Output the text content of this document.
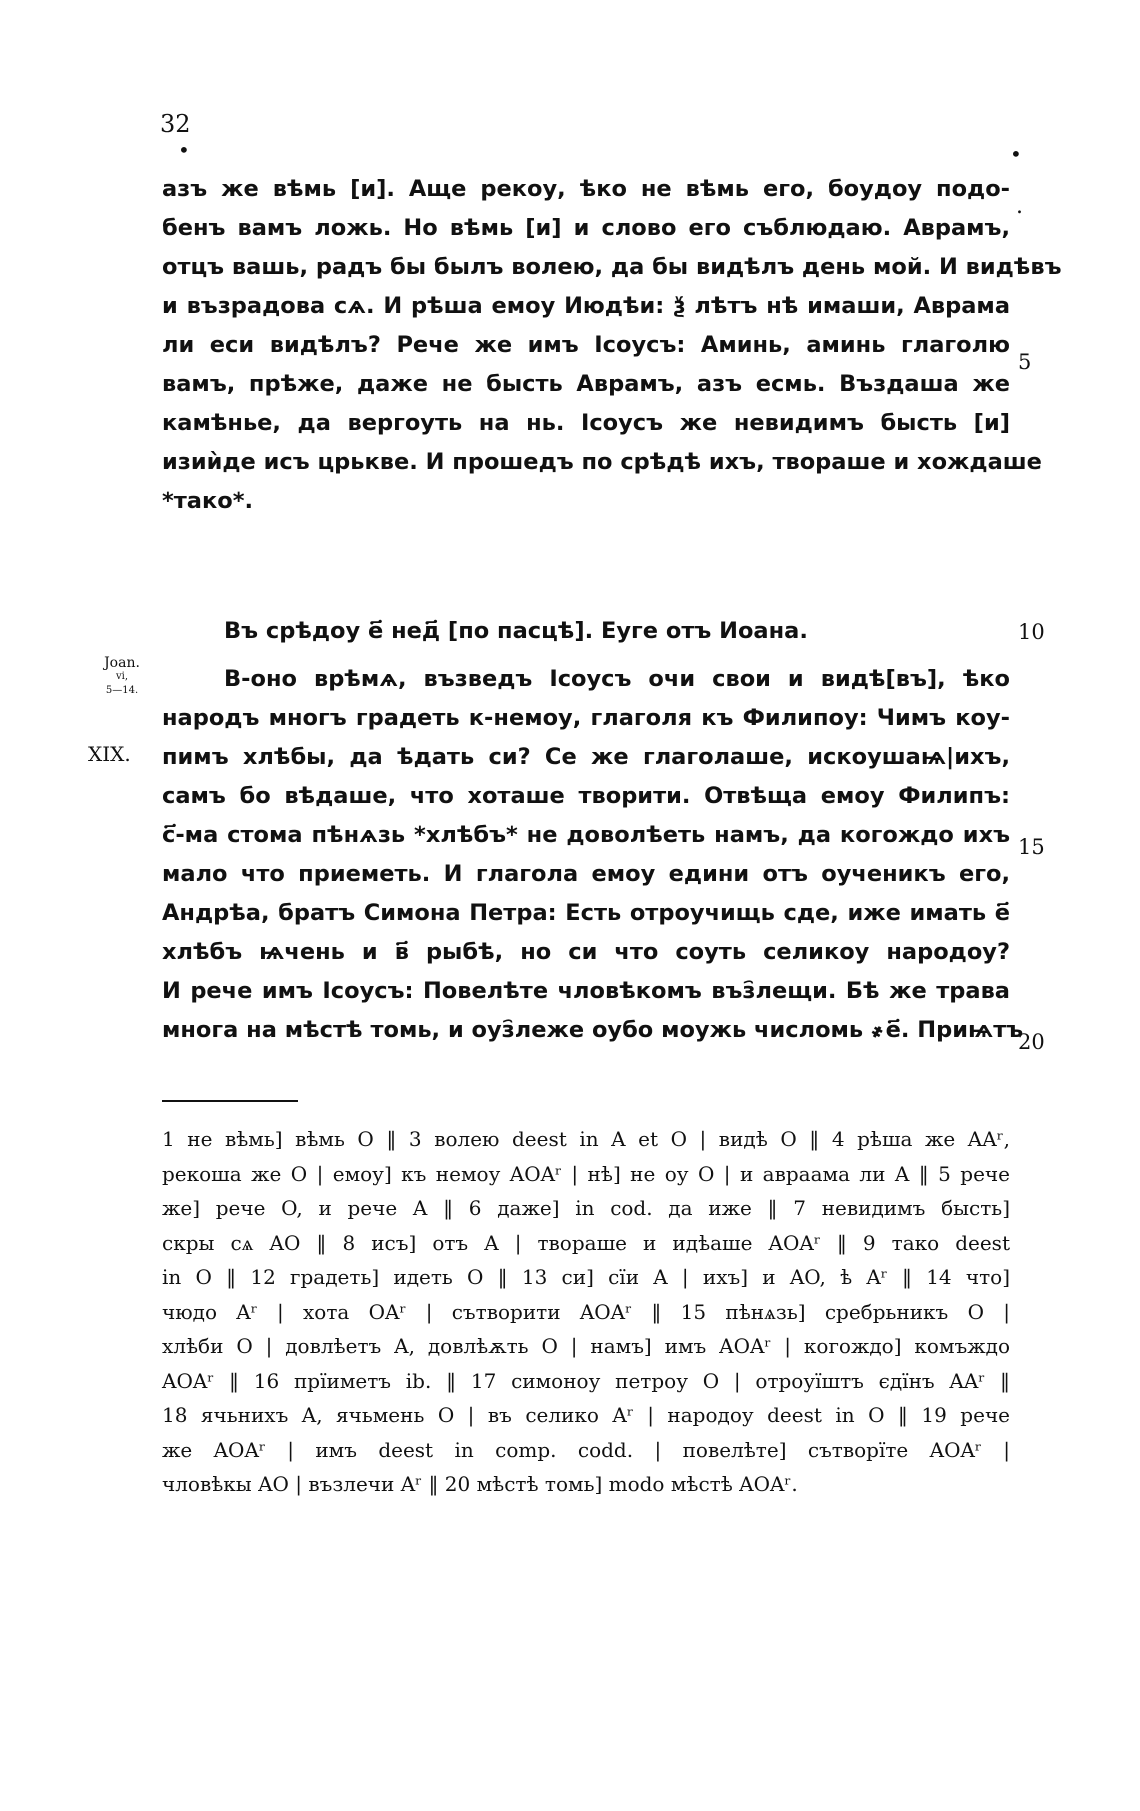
32
•	•
.
азъ же вѣмь [и]. Аще рекоу, ѣко не вѣмь его, боудоу подо-
бенъ вамъ ложь. Но вѣмь [и] и слово его съблюдаю. Аврамъ,
отцъ вашь, радъ бы былъ волею, да бы видѣлъ день мой. И видѣвъ
и възрадова сѧ. И рѣша емоу Июдѣи: ѯ лѣтъ нѣ имаши, Аврама
ли еси видѣлъ? Рече же имъ Iсоусъ: Аминь, аминь глаголю
вамъ, прѣже, даже не бысть Аврамъ, азъ есмь. Въздаша же
камѣнье, да вергоуть на нь. Iсоусъ же невидимъ бысть [и]
изиѝде исъ црькве. И прошедъ по срѣдѣ ихъ, твораше и хождаше
*тако*.
5
Въ срѣдоу е҃ нед҃ [по пасцѣ]. Еуге отъ Иоана.	10
Joan.
vi,
5—14.
XIX.
В-оно врѣмѧ, възведъ Iсоусъ очи свои и видѣ[въ], ѣко
народъ многъ градеть к-немоу, глаголя къ Филипоу: Чимъ коу-
пимъ хлѣбы, да ѣдать си? Се же глаголаше, искоушаѩ|ихъ,
самъ бо вѣдаше, что хоташе творити. Отвѣща емоу Филипъ:
с҃-ма стома пѣнѧзь *хлѣбъ* не доволѣеть намъ, да когождо ихъ
мало что приеметь. И глагола емоу едини отъ оученикъ его,
Андрѣа, братъ Симона Петра: Есть отроучищь сде, иже имать е҃
хлѣбъ ѩчень и в҃ рыбѣ, но си что соуть селикоу народоу?
И рече имъ Iсоусъ: Повелѣте чловѣкомъ въз҄лещи. Бѣ же трава
многа на мѣстѣ томь, и оуз҄леже оубо моужь числомь ҂е҃. Приѩтъ
15
20
1 не вѣмь] вѣмь O ‖ 3 волею deest in A et O | видѣ O ‖ 4 рѣша же AAʳ,
рекоша же O | емоу] къ немоу AOAʳ | нѣ] не оу O | и авраама ли A ‖ 5 рече
же] рече O, и рече A ‖ 6 даже] in cod. да иже ‖ 7 невидимъ бысть]
скры сѧ AO ‖ 8 исъ] отъ A | твораше и идѣаше AOAʳ ‖ 9 тако deest
in O ‖ 12 градеть] идеть O ‖ 13 си] сїи A | ихъ] и AO, ѣ Aʳ ‖ 14 что]
чюдо Aʳ | хота OAʳ | сътворити AOAʳ ‖ 15 пѣнѧзь] сребрьникъ O |
хлѣби O | довлѣетъ A, довлѣѫть O | намъ] имъ AOAʳ | когождо] комъждо
AOAʳ ‖ 16 прїиметъ ib. ‖ 17 симоноу петроу O | отроуїштъ єдїнъ AAʳ ‖
18 ячьнихъ A, ячьмень O | въ селико Aʳ | народоу deest in O ‖ 19 рече
же AOAʳ | имъ deest in comp. codd. | повелѣте] сътворїте AOAʳ |
чловѣкы AO | възлечи Aʳ ‖ 20 мѣстѣ томь] modo мѣстѣ AOAʳ.
